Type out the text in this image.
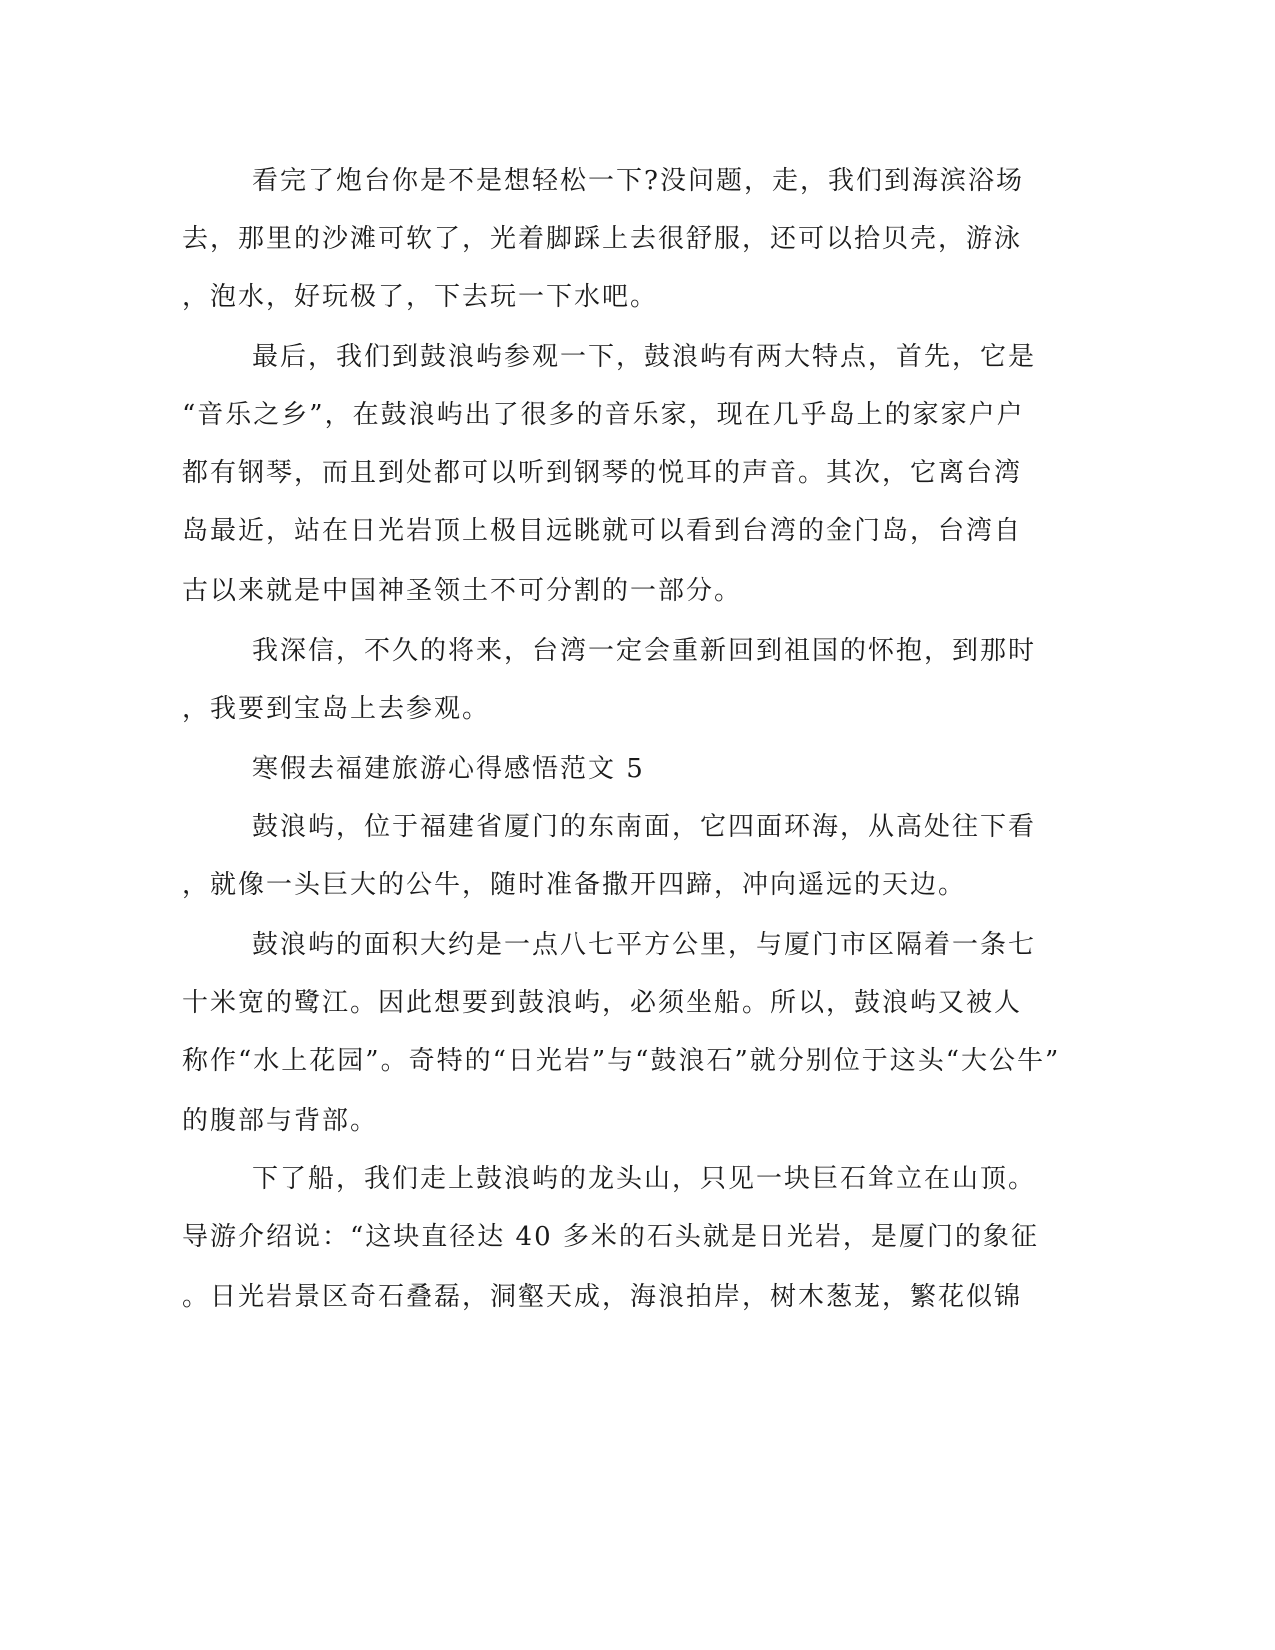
看完了炮台你是不是想轻松一下?没问题，走，我们到海滨浴场
去，那里的沙滩可软了，光着脚踩上去很舒服，还可以拾贝壳，游泳
，泡水，好玩极了，下去玩一下水吧。
最后，我们到鼓浪屿参观一下，鼓浪屿有两大特点，首先，它是
“音乐之乡”，在鼓浪屿出了很多的音乐家，现在几乎岛上的家家户户
都有钢琴，而且到处都可以听到钢琴的悦耳的声音。其次，它离台湾
岛最近，站在日光岩顶上极目远眺就可以看到台湾的金门岛，台湾自
古以来就是中国神圣领土不可分割的一部分。
我深信，不久的将来，台湾一定会重新回到祖国的怀抱，到那时
，我要到宝岛上去参观。
寒假去福建旅游心得感悟范文 5
鼓浪屿，位于福建省厦门的东南面，它四面环海，从高处往下看
，就像一头巨大的公牛，随时准备撒开四蹄，冲向遥远的天边。
鼓浪屿的面积大约是一点八七平方公里，与厦门市区隔着一条七
十米宽的鹭江。因此想要到鼓浪屿，必须坐船。所以，鼓浪屿又被人
称作“水上花园”。奇特的“日光岩”与“鼓浪石”就分别位于这头“大公牛”
的腹部与背部。
下了船，我们走上鼓浪屿的龙头山，只见一块巨石耸立在山顶。
导游介绍说：“这块直径达 40 多米的石头就是日光岩，是厦门的象征
。日光岩景区奇石叠磊，洞壑天成，海浪拍岸，树木葱茏，繁花似锦
